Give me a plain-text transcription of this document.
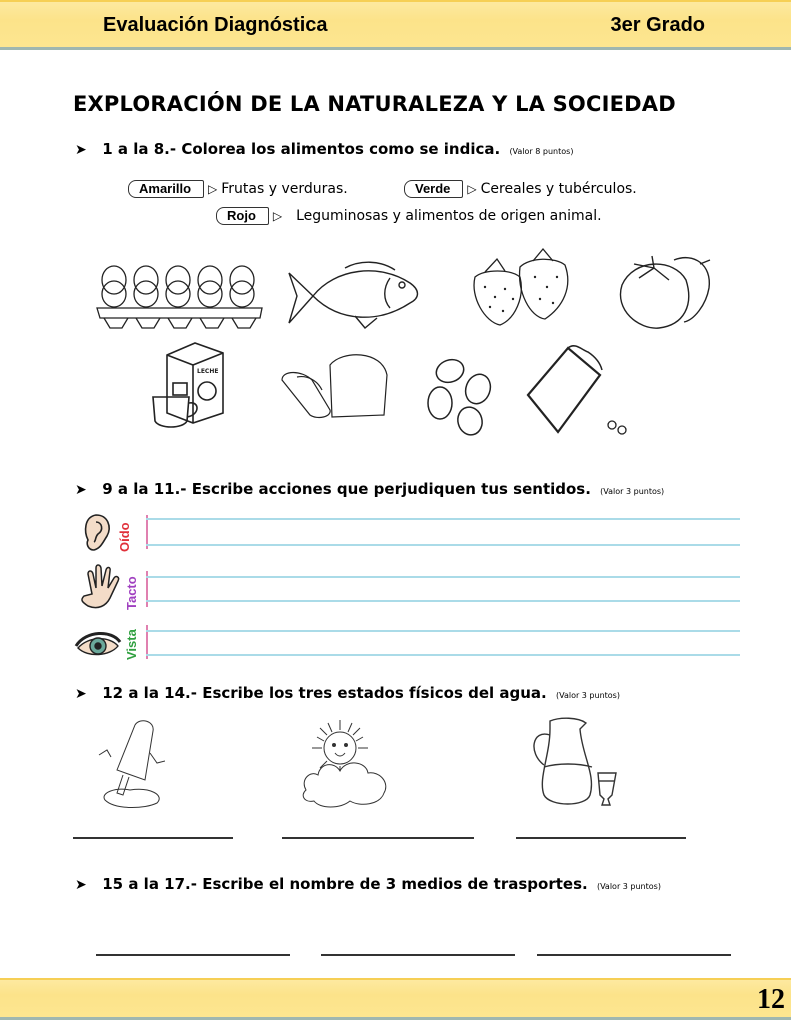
Evaluación Diagnóstica	3er Grado
EXPLORACIÓN DE LA NATURALEZA Y LA SOCIEDAD
➤ 1 a la 8.- Colorea los alimentos como se indica. (Valor 8 puntos)
Amarillo	▷ Frutas y verduras.	Verde	▷ Cereales y tubérculos.
Rojo	▷ Leguminosas y alimentos de origen animal.
LECHE
➤ 9 a la 11.- Escribe acciones que perjudiquen tus sentidos. (Valor 3 puntos)
Oído
Tacto
Vista
➤ 12 a la 14.- Escribe los tres estados físicos del agua. (Valor 3 puntos)
➤ 15 a la 17.- Escribe el nombre de 3 medios de trasportes. (Valor 3 puntos)
12
